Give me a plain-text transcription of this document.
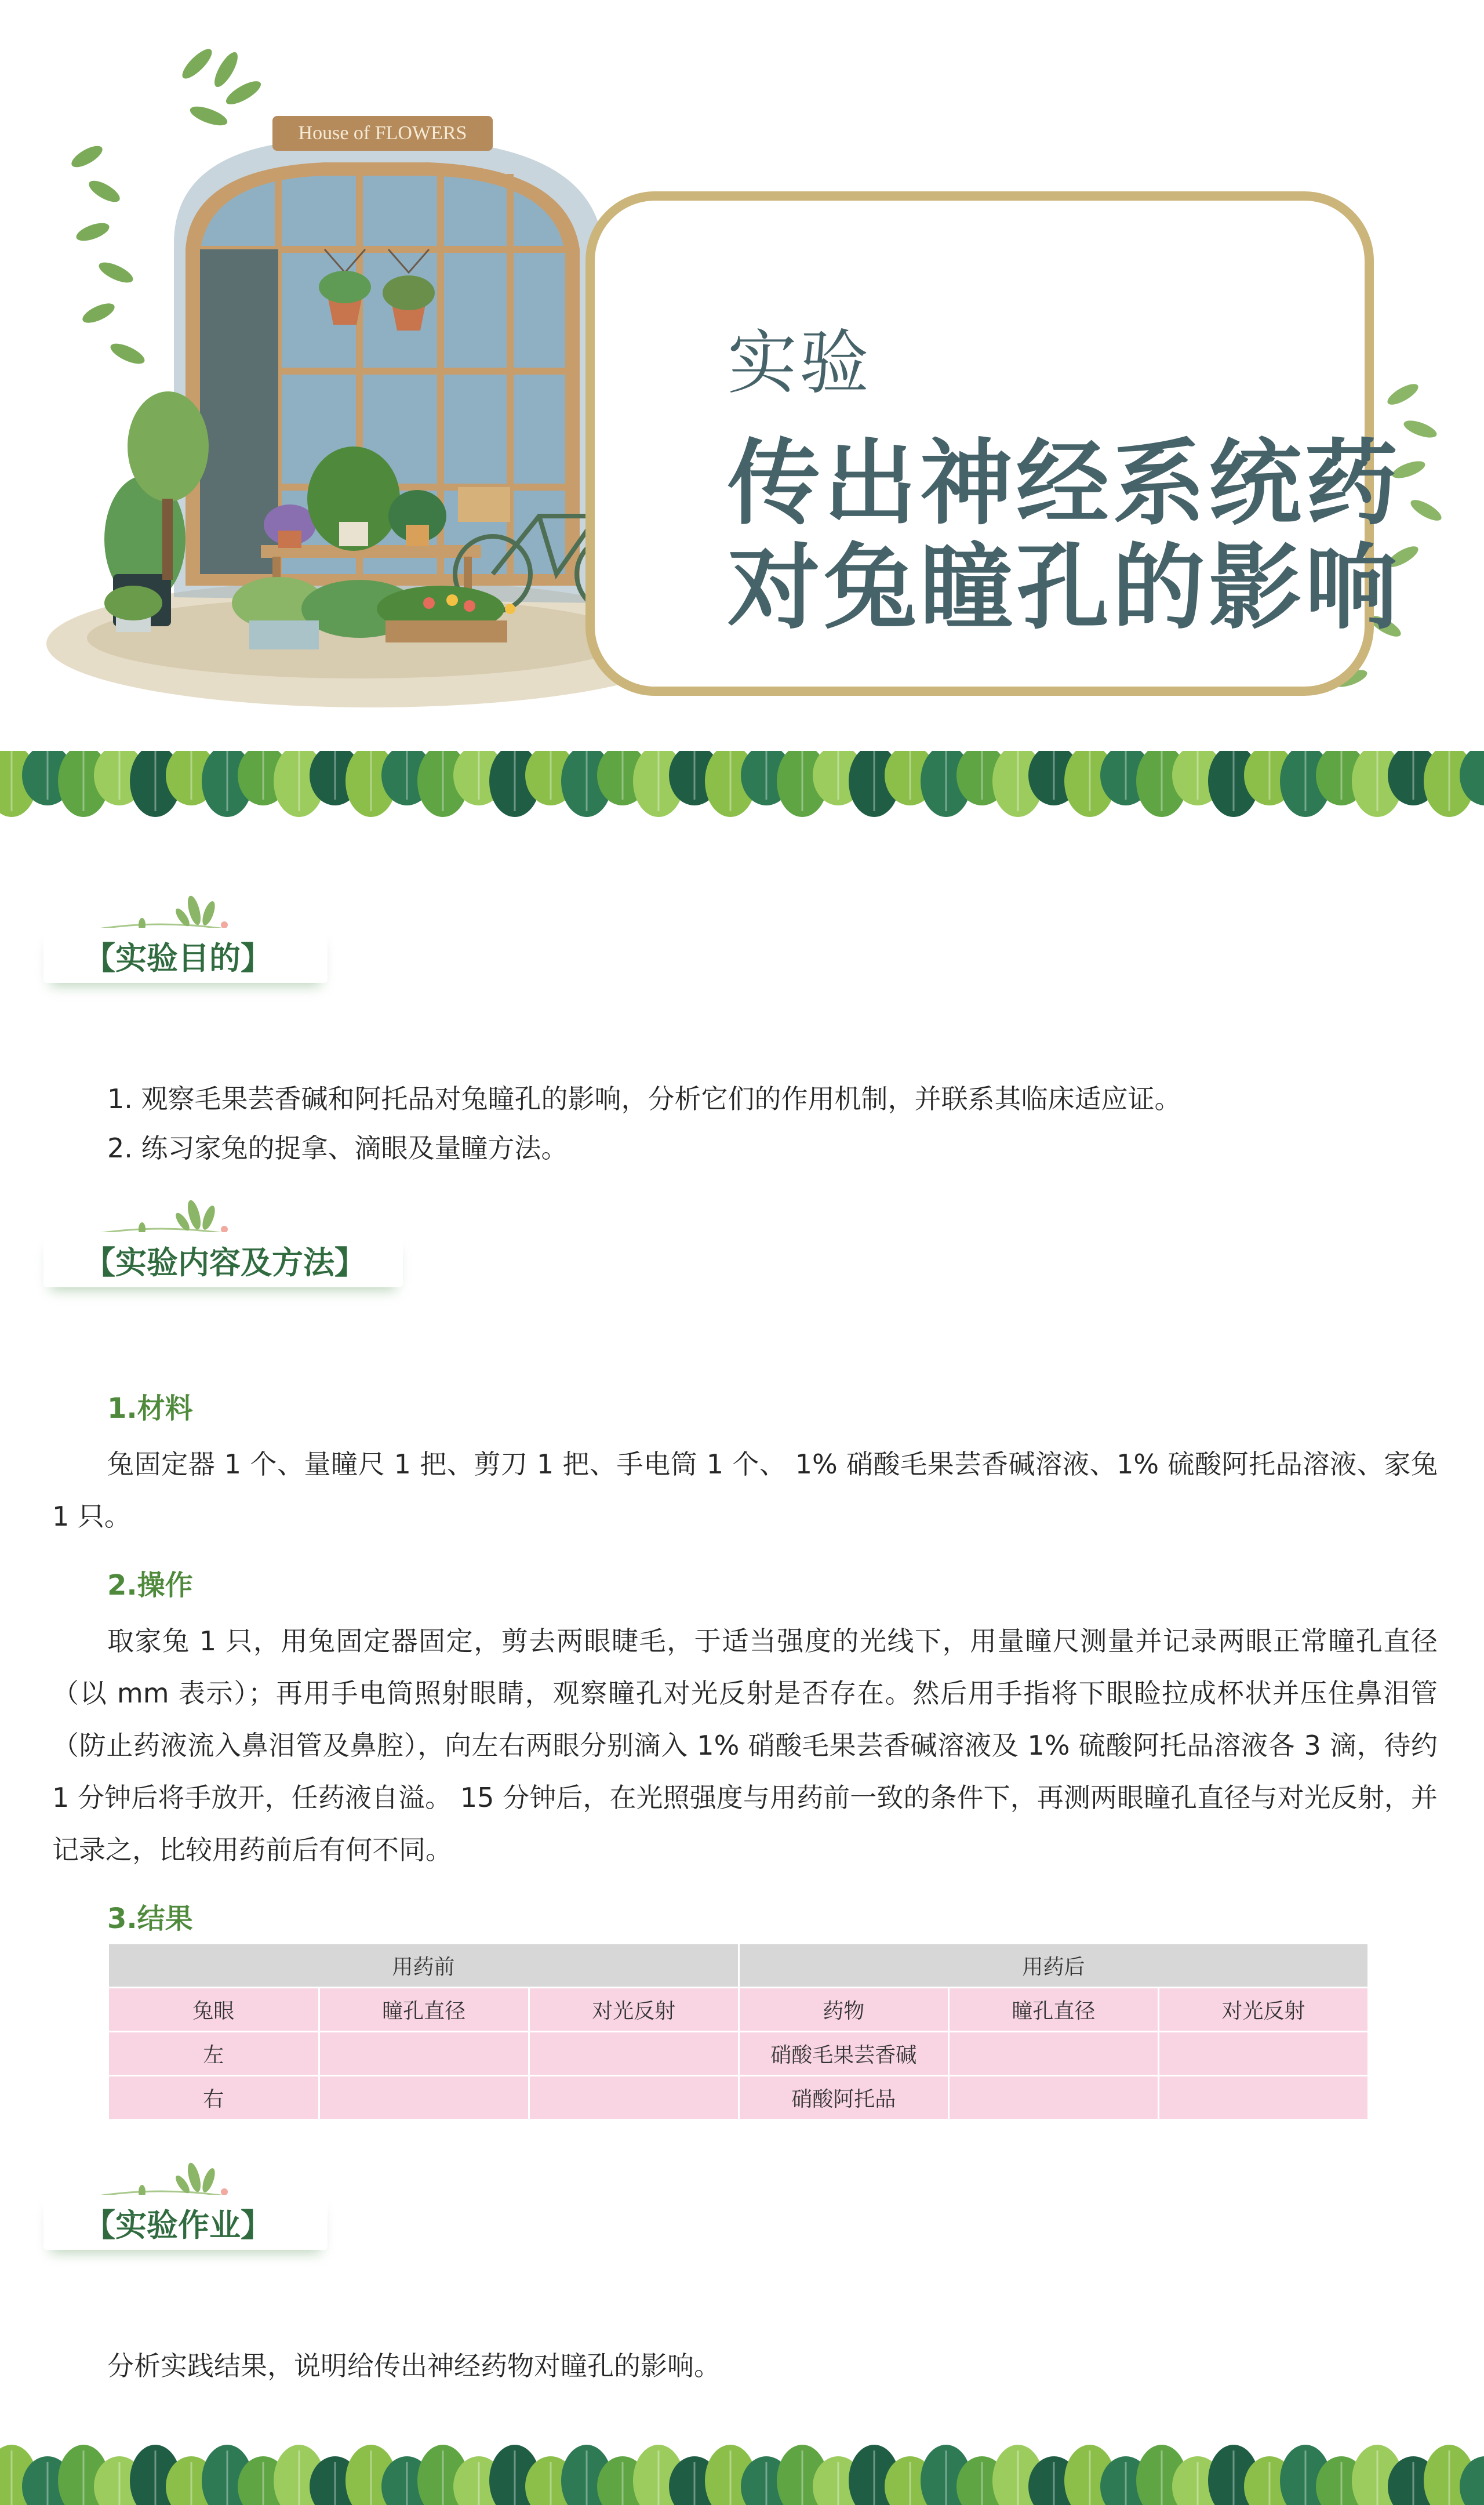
House of FLOWERS
实验
传出神经系统药
对兔瞳孔的影响
【实验目的】
1. 观察毛果芸香碱和阿托品对兔瞳孔的影响，分析它们的作用机制，并联系其临床适应证。
2. 练习家兔的捉拿、滴眼及量瞳方法。
【实验内容及方法】
1.材料
兔固定器 1 个、量瞳尺 1 把、剪刀 1 把、手电筒 1 个、 1% 硝酸毛果芸香碱溶液、1% 硫酸阿托品溶液、家兔 1 只。
2.操作
取家兔 1 只，用兔固定器固定，剪去两眼睫毛，于适当强度的光线下，用量瞳尺测量并记录两眼正常瞳孔直径（以 mm 表示）；再用手电筒照射眼睛，观察瞳孔对光反射是否存在。然后用手指将下眼睑拉成杯状并压住鼻泪管（防止药液流入鼻泪管及鼻腔），向左右两眼分别滴入 1% 硝酸毛果芸香碱溶液及 1% 硫酸阿托品溶液各 3 滴，待约 1 分钟后将手放开，任药液自溢。 15 分钟后，在光照强度与用药前一致的条件下，再测两眼瞳孔直径与对光反射，并记录之，比较用药前后有何不同。
3.结果
用药前			用药后		
兔眼	瞳孔直径	对光反射	药物	瞳孔直径	对光反射
左			硝酸毛果芸香碱		
右			硝酸阿托品		
【实验作业】
分析实践结果，说明给传出神经药物对瞳孔的影响。
